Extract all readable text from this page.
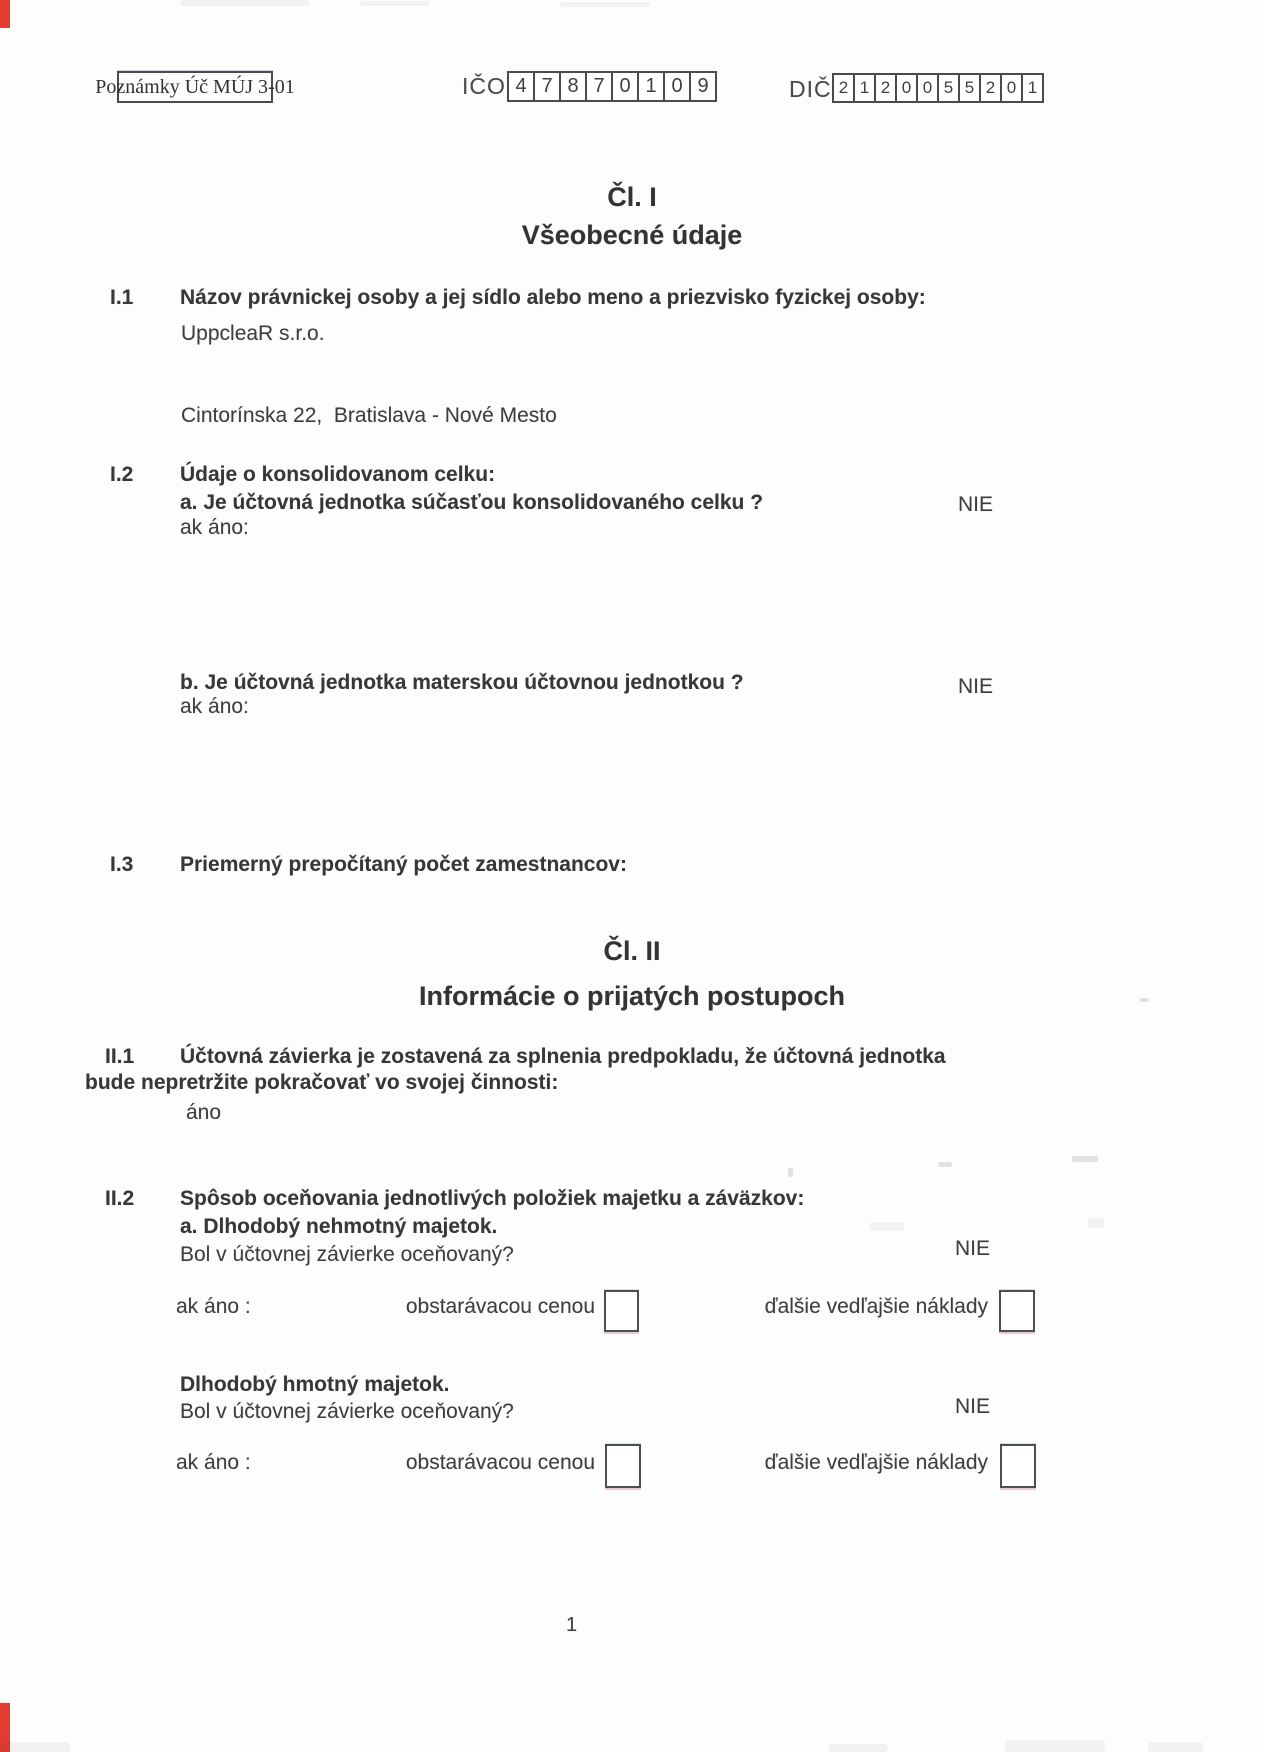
Poznámky Úč MÚJ 3-01	IČO 4 7 8 7 0 1 0 9	DIČ 2 1 2 0 0 5 5 2 0 1
Čl. I
Všeobecné údaje
I.1 Názov právnickej osoby a jej sídlo alebo meno a priezvisko fyzickej osoby:
UppcleaR s.r.o.
Cintorínska 22,  Bratislava - Nové Mesto
I.2 Údaje o konsolidovanom celku:
a. Je účtovná jednotka súčasťou konsolidovaného celku ?	NIE
ak áno:
b. Je účtovná jednotka materskou účtovnou jednotkou ?	NIE
ak áno:
I.3 Priemerný prepočítaný počet zamestnancov:
Čl. II
Informácie o prijatých postupoch
II.1 Účtovná závierka je zostavená za splnenia predpokladu, že účtovná jednotka
bude nepretržite pokračovať vo svojej činnosti:
áno
II.2 Spôsob oceňovania jednotlivých položiek majetku a záväzkov:
a. Dlhodobý nehmotný majetok.
Bol v účtovnej závierke oceňovaný?	NIE
ak áno :	obstarávacou cenou	ďalšie vedľajšie náklady
Dlhodobý hmotný majetok.
Bol v účtovnej závierke oceňovaný?	NIE
ak áno :	obstarávacou cenou	ďalšie vedľajšie náklady
1
